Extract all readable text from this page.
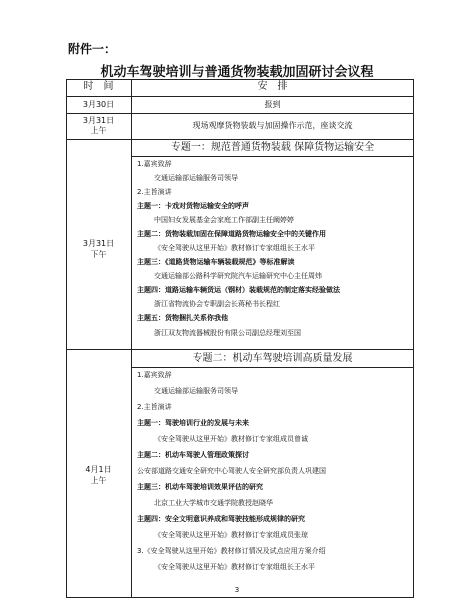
附件一：
机动车驾驶培训与普通货物装载加固研讨会议程
时　间	安　排
3月30日	报到
3月31日
上午
现场观摩货物装载与加固操作示范，座谈交流
专题一：规范普通货物装载 保障货物运输安全
3月31日
下午
1.嘉宾致辞
交通运输部运输服务司领导
2.主旨演讲
主题一：卡戏对货物运输安全的呼声
中国妇女发展基金会家庭工作部副主任阚婷婷
主题二：货物装载加固在保障道路货物运输安全中的关键作用
《安全驾驶从这里开始》教材修订专家组组长王水平
主题三：《道路货物运输车辆装载规范》等标准解读
交通运输部公路科学研究院汽车运输研究中心主任周炜
主题四：道路运输车辆货运（钢材）装载规范的制定落实经验做法
浙江省物流协会专职副会长蒋秘书长程红
主题五：货物捆扎关系你我他
浙江双友物流器械股份有限公司副总经理刘至国
专题二：机动车驾驶培训高质量发展
4月1日
上午
1.嘉宾致辞
交通运输部运输服务司领导
2.主旨演讲
主题一：驾驶培训行业的发展与未来
《安全驾驶从这里开始》教材修订专家组成员曾诚
主题二：机动车驾驶人管理政策探讨
公安部道路交通安全研究中心驾驶人安全研究部负责人巩建国
主题三：机动车驾驶培训效果评估的研究
北京工业大学城市交通学院教授赵晓华
主题四：安全文明意识养成和驾驶技能形成规律的研究
《安全驾驶从这里开始》教材修订专家组成员张琼
3.《安全驾驶从这里开始》教材修订情况及试点应用方案介绍
《安全驾驶从这里开始》教材修订专家组组长王水平
3
